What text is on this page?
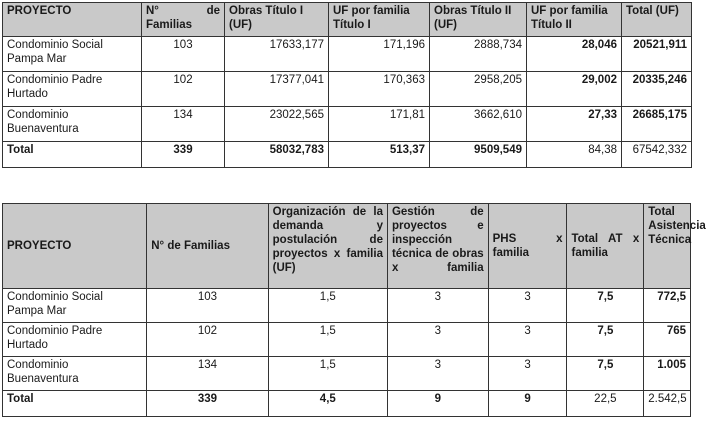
PROYECTO	N° de Familias	Obras Título I (UF)	UF por familia Título I	Obras Título II (UF)	UF por familia Título II	Total (UF)
Condominio Social Pampa Mar	103	17633,177	171,196	2888,734	28,046	20521,911
Condominio Padre Hurtado	102	17377,041	170,363	2958,205	29,002	20335,246
Condominio Buenaventura	134	23022,565	171,81	3662,610	27,33	26685,175
Total	339	58032,783	513,37	9509,549	84,38	67542,332
PROYECTO	N° de Familias	Organización de la demanda y postulación de proyectos x familia (UF)	Gestión de proyectos e inspección técnica de obras x familia	PHS x familia	Total AT x familia	Total Asistencia Técnica
Condominio Social Pampa Mar	103	1,5	3	3	7,5	772,5
Condominio Padre Hurtado	102	1,5	3	3	7,5	765
Condominio Buenaventura	134	1,5	3	3	7,5	1.005
Total	339	4,5	9	9	22,5	2.542,5
